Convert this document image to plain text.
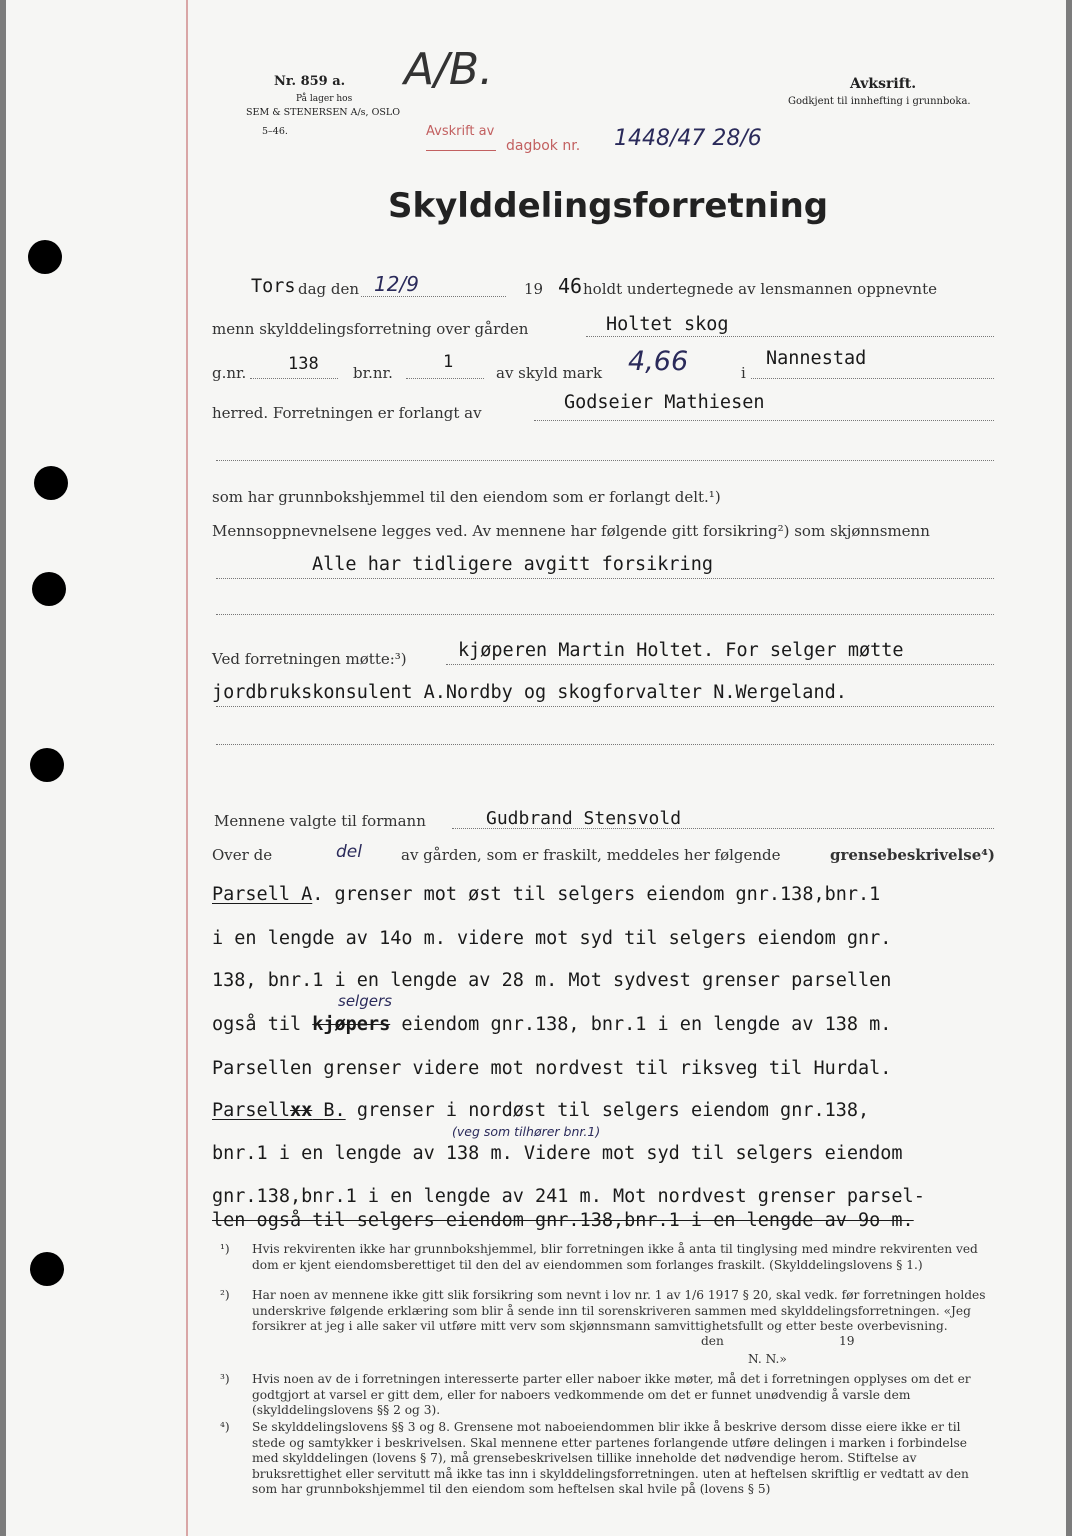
Nr. 859 a.
På lager hos
SEM & STENERSEN A/s, OSLO
5–46.
A/B.	Avksrift.
Godkjent til innhefting i grunnboka.
Avskrift av
dagbok nr. 1448/47 28/6
Skylddelingsforretning
Tors dag den 12/9	19 46 holdt undertegnede av lensmannen oppnevnte
menn skylddelingsforretning over gården	Holtet skog
g.nr. 138 br.nr.
1
av skyld mark 4,66	i
Nannestad
herred. Forretningen er forlangt av	Godseier Mathiesen
som har grunnbokshjemmel til den eiendom som er forlangt delt.¹)
Mennsoppnevnelsene legges ved. Av mennene har følgende gitt forsikring²) som skjønnsmenn
Alle har tidligere avgitt forsikring
Ved forretningen møtte:³)	kjøperen Martin Holtet. For selger møtte
jordbrukskonsulent A.Nordby og skogforvalter N.Wergeland.
Mennene valgte til formann	Gudbrand Stensvold
Over de	del	av gården, som er fraskilt, meddeles her følgende	grensebeskrivelse⁴)
Parsell A. grenser mot øst til selgers eiendom gnr.138,bnr.1
i en lengde av 14o m. videre mot syd til selgers eiendom gnr.
138, bnr.1 i en lengde av 28 m. Mot sydvest grenser parsellen
selgers
også til kjøpers eiendom gnr.138, bnr.1 i en lengde av 138 m.
Parsellen grenser videre mot nordvest til riksveg til Hurdal.
Parsellxx B. grenser i nordøst til selgers eiendom gnr.138,
(veg som tilhører bnr.1)
bnr.1 i en lengde av 138 m. Videre mot syd til selgers eiendom
gnr.138,bnr.1 i en lengde av 241 m. Mot nordvest grenser parsel-
len også til selgers eiendom gnr.138,bnr.1 i en lengde av 9o m.
¹) Hvis rekvirenten ikke har grunnbokshjemmel, blir forretningen ikke å anta til tinglysing med mindre rekvirenten ved dom er kjent eiendomsberettiget til den del av eiendommen som forlanges fraskilt. (Skylddelingslovens § 1.)
²) Har noen av mennene ikke gitt slik forsikring som nevnt i lov nr. 1 av 1/6 1917 § 20, skal vedk. før forretningen holdes underskrive følgende erklæring som blir å sende inn til sorenskriveren sammen med skylddelingsforretningen. «Jeg forsikrer at jeg i alle saker vil utføre mitt verv som skjønnsmann samvittighetsfullt og etter beste overbevisning.
den	19
N. N.»
³) Hvis noen av de i forretningen interesserte parter eller naboer ikke møter, må det i forretningen opplyses om det er godtgjort at varsel er gitt dem, eller for naboers vedkommende om det er funnet unødvendig å varsle dem (skylddelingslovens §§ 2 og 3).
⁴) Se skylddelingslovens §§ 3 og 8. Grensene mot naboeiendommen blir ikke å beskrive dersom disse eiere ikke er til stede og samtykker i beskrivelsen. Skal mennene etter partenes forlangende utføre delingen i marken i forbindelse med skylddelingen (lovens § 7), må grensebeskrivelsen tillike inneholde det nødvendige herom. Stiftelse av bruksrettighet eller servitutt må ikke tas inn i skylddelingsforretningen. uten at heftelsen skriftlig er vedtatt av den som har grunnbokshjemmel til den eiendom som heftelsen skal hvile på (lovens § 5)
